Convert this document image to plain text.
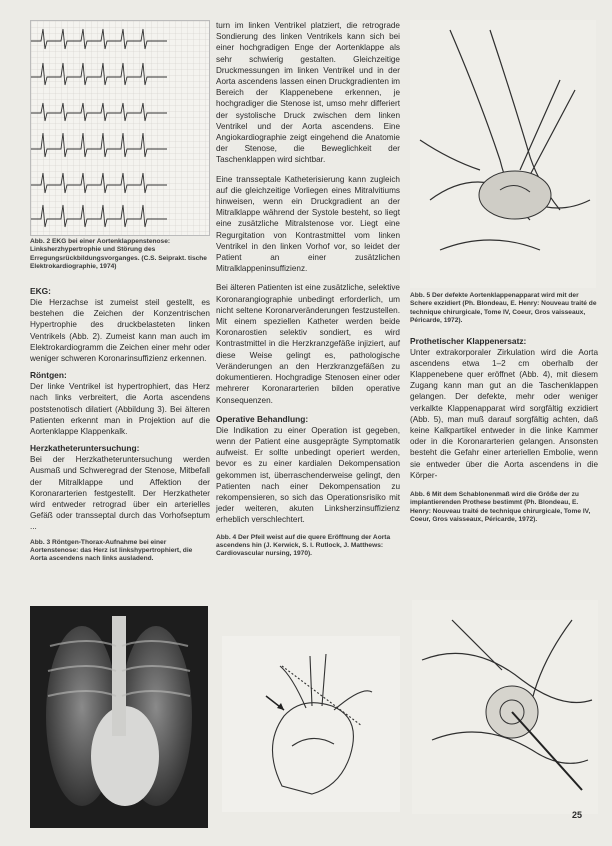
Abb. 2 EKG bei einer Aortenklappenstenose: Linksherzhypertrophie und Störung des Erregungsrückbildungsvorganges. (C.S. Seiprakt. tische Elektrokardiographie, 1974)

EKG:

Die Herzachse ist zumeist steil gestellt, es bestehen die Zeichen der Konzentrischen Hypertrophie des druckbelasteten linken Ventrikels (Abb. 2). Zumeist kann man auch im Elektrokardiogramm die Zeichen einer mehr oder weniger schweren Koronarinsuffizienz erkennen.

Röntgen:

Der linke Ventrikel ist hypertrophiert, das Herz nach links verbreitert, die Aorta ascendens poststenotisch dilatiert (Abbildung 3). Bei älteren Patienten erkennt man in Projektion auf die Aortenklappe Klappenkalk.

Herzkatheteruntersuchung:

Bei der Herzkatheteruntersuchung werden Ausmaß und Schweregrad der Stenose, Mitbefall der Mitralklappe und Affektion der Koronararterien festgestellt. Der Herzkatheter wird entweder retrograd über ein arterielles Gefäß oder transseptal durch das Vorhofseptum ...

Abb. 3 Röntgen-Thorax-Aufnahme bei einer Aortenstenose: das Herz ist linkshypertrophiert, die Aorta ascendens nach links ausladend.

turn im linken Ventrikel platziert, die retrograde Sondierung des linken Ventrikels kann sich bei einer hochgradigen Enge der Aortenklappe als sehr schwierig gestalten. Gleichzeitige Druckmessungen im linken Ventrikel und in der Aorta ascendens lassen einen Druckgradienten im Bereich der Klappenebene erkennen, je hochgradiger die Stenose ist, umso mehr differiert der systolische Druck zwischen dem linken Ventrikel und der Aorta ascendens. Eine Angiokardiographie zeigt eingehend die Anatomie der Stenose, die Beweglichkeit der Taschenklappen wird sichtbar.

Eine transseptale Katheterisierung kann zugleich auf die gleichzeitige Vorliegen eines Mitralvitiums hinweisen, wenn ein Druckgradient an der Mitralklappe während der Systole besteht, so liegt eine zusätzliche Mitralstenose vor. Liegt eine Regurgitation von Kontrastmittel vom linken Ventrikel in den linken Vorhof vor, so leidet der Patient an einer zusätzlichen Mitralklappeninsuffizienz.

Bei älteren Patienten ist eine zusätzliche, selektive Koronarangiographie unbedingt erforderlich, um nicht seltene Koronarveränderungen festzustellen. Mit einem speziellen Katheter werden beide Koronarostien selektiv sondiert, es wird Kontrastmittel in die Herzkranzgefäße injiziert, auf diese Weise gelingt es, pathologische Veränderungen an den Herzkranzgefäßen zu dokumentieren. Hochgradige Stenosen einer oder mehrerer Koronararterien bilden operative Konsequenzen.

Operative Behandlung:

Die Indikation zu einer Operation ist gegeben, wenn der Patient eine ausgeprägte Symptomatik aufweist. Er sollte unbedingt operiert werden, bevor es zu einer kardialen Dekompensation gekommen ist, überraschenderweise gelingt, den Patienten nach einer Dekompensation zu rekompensieren, so sich das Operationsrisiko mit jeder weiteren, akuten Linksherzinsuffizienz erheblich verschlechtert.

Abb. 4 Der Pfeil weist auf die quere Eröffnung der Aorta ascendens hin (J. Kerwick, S. I. Rutlock, J. Matthews: Cardiovascular nursing, 1970).

Abb. 5 Der defekte Aortenklappenapparat wird mit der Schere exzidiert (Ph. Blondeau, E. Henry: Nouveau traité de technique chirurgicale, Tome IV, Coeur, Gros vaisseaux, Péricarde, 1972).

Prothetischer Klappenersatz:

Unter extrakorporaler Zirkulation wird die Aorta ascendens etwa 1–2 cm oberhalb der Klappenebene quer eröffnet (Abb. 4), mit diesem Zugang kann man gut an die Taschenklappen gelangen. Der defekte, mehr oder weniger verkalkte Klappenapparat wird sorgfältig exzidiert (Abb. 5), man muß darauf sorgfältig achten, daß keine Kalkpartikel entweder in die linke Kammer oder in die Koronararterien gelangen. Ansonsten besteht die Gefahr einer arteriellen Embolie, wenn sie entweder über die Aorta ascendens in die Körper-

Abb. 6 Mit dem Schablonenmaß wird die Größe der zu implantierenden Prothese bestimmt (Ph. Blondeau, E. Henry: Nouveau traité de technique chirurgicale, Tome IV, Coeur, Gros vaisseaux, Péricarde, 1972).

25
